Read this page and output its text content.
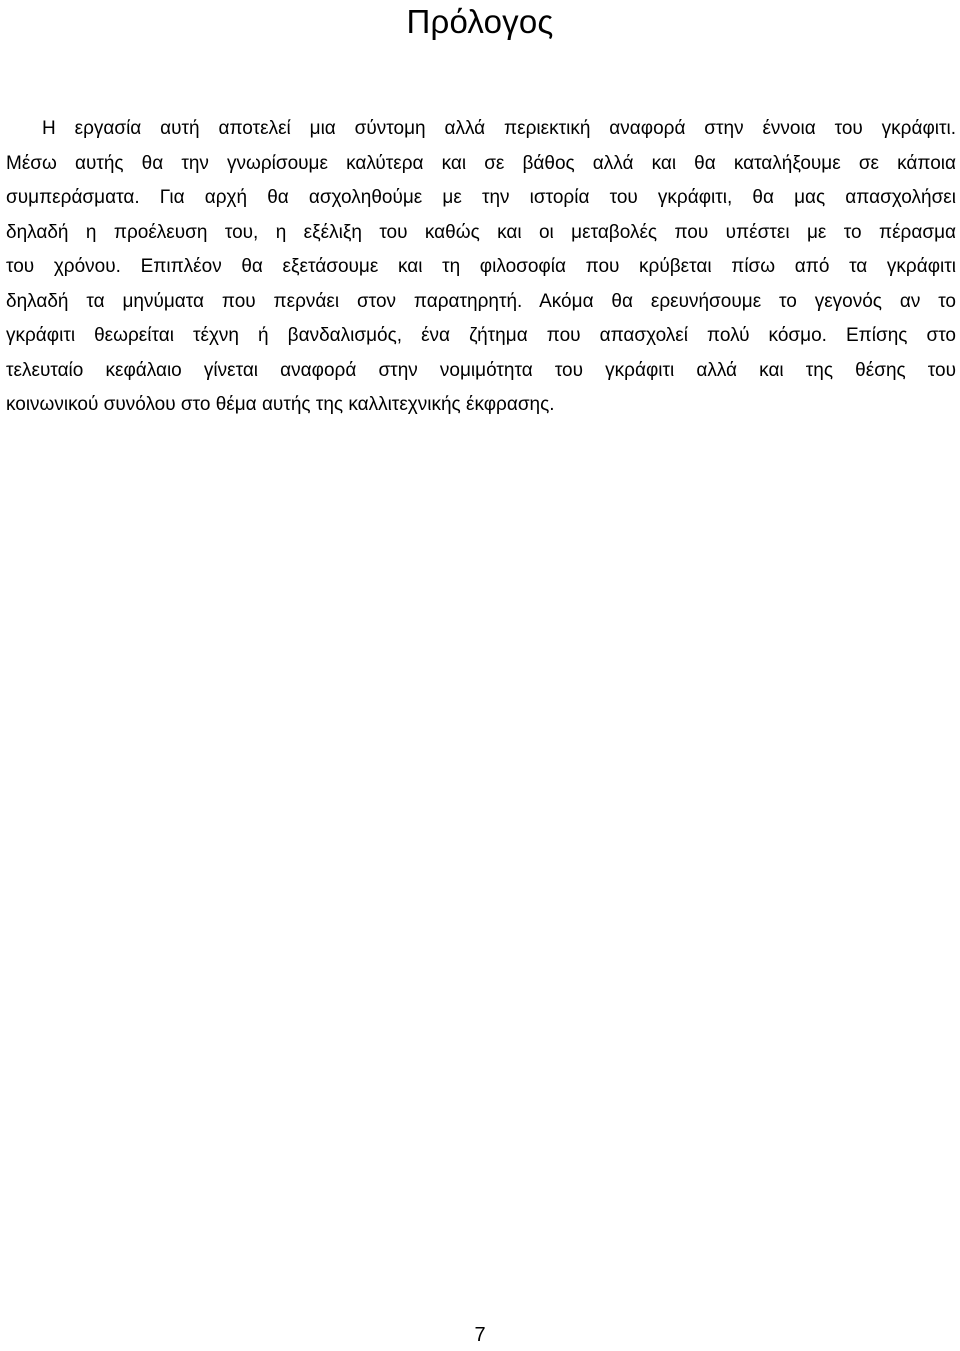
Πρόλογος
Η εργασία αυτή αποτελεί μια σύντομη αλλά περιεκτική αναφορά στην έννοια του γκράφιτι.
Μέσω αυτής θα την γνωρίσουμε καλύτερα και σε βάθος αλλά και θα καταλήξουμε σε κάποια
συμπεράσματα. Για αρχή θα ασχοληθούμε με την ιστορία του γκράφιτι, θα μας απασχολήσει
δηλαδή η προέλευση του, η εξέλιξη του καθώς και οι μεταβολές που υπέστει με το πέρασμα
του χρόνου. Επιπλέον θα εξετάσουμε και τη φιλοσοφία που κρύβεται πίσω από τα γκράφιτι
δηλαδή τα μηνύματα που περνάει στον παρατηρητή. Ακόμα θα ερευνήσουμε το γεγονός αν το
γκράφιτι θεωρείται τέχνη ή βανδαλισμός, ένα ζήτημα που απασχολεί πολύ κόσμο. Επίσης στο
τελευταίο κεφάλαιο γίνεται αναφορά στην νομιμότητα του γκράφιτι αλλά και της θέσης του
κοινωνικού συνόλου στο θέμα αυτής της καλλιτεχνικής έκφρασης.
7
